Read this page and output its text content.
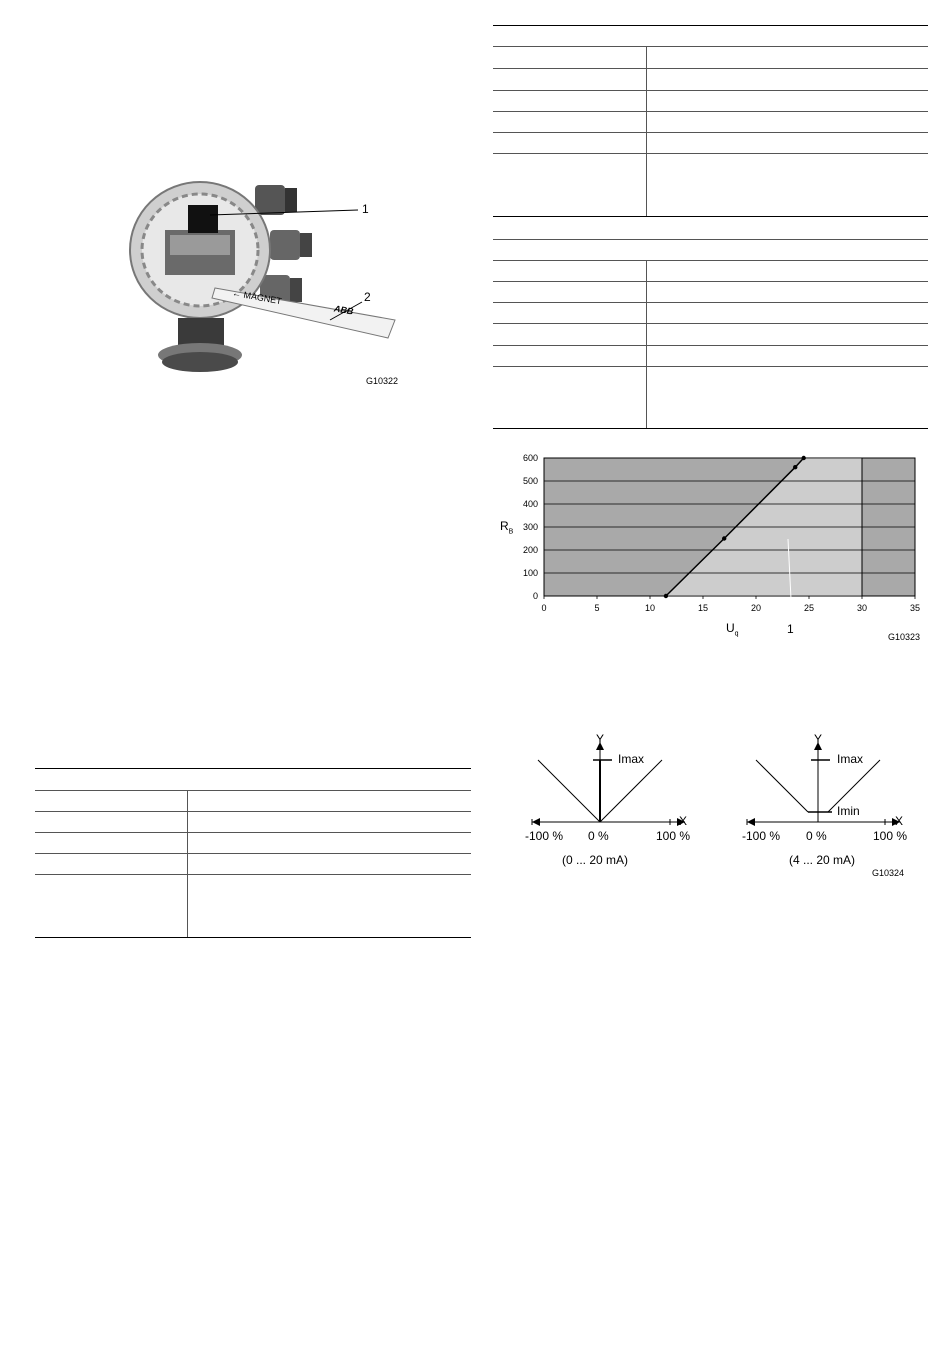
1
2
← MAGNET
ABB
G10322
0
100
200
300
400
500
600
0	5	10	15	20	25	30	35
$R_B$
$U_q$	1
G10323
Y
X
Imax
-100 % 0 %	100 %
(0 ... 20 mA)
Y
X
Imax
Imin
-100 % 0 %	100 %
(4 ... 20 mA)
G10324
